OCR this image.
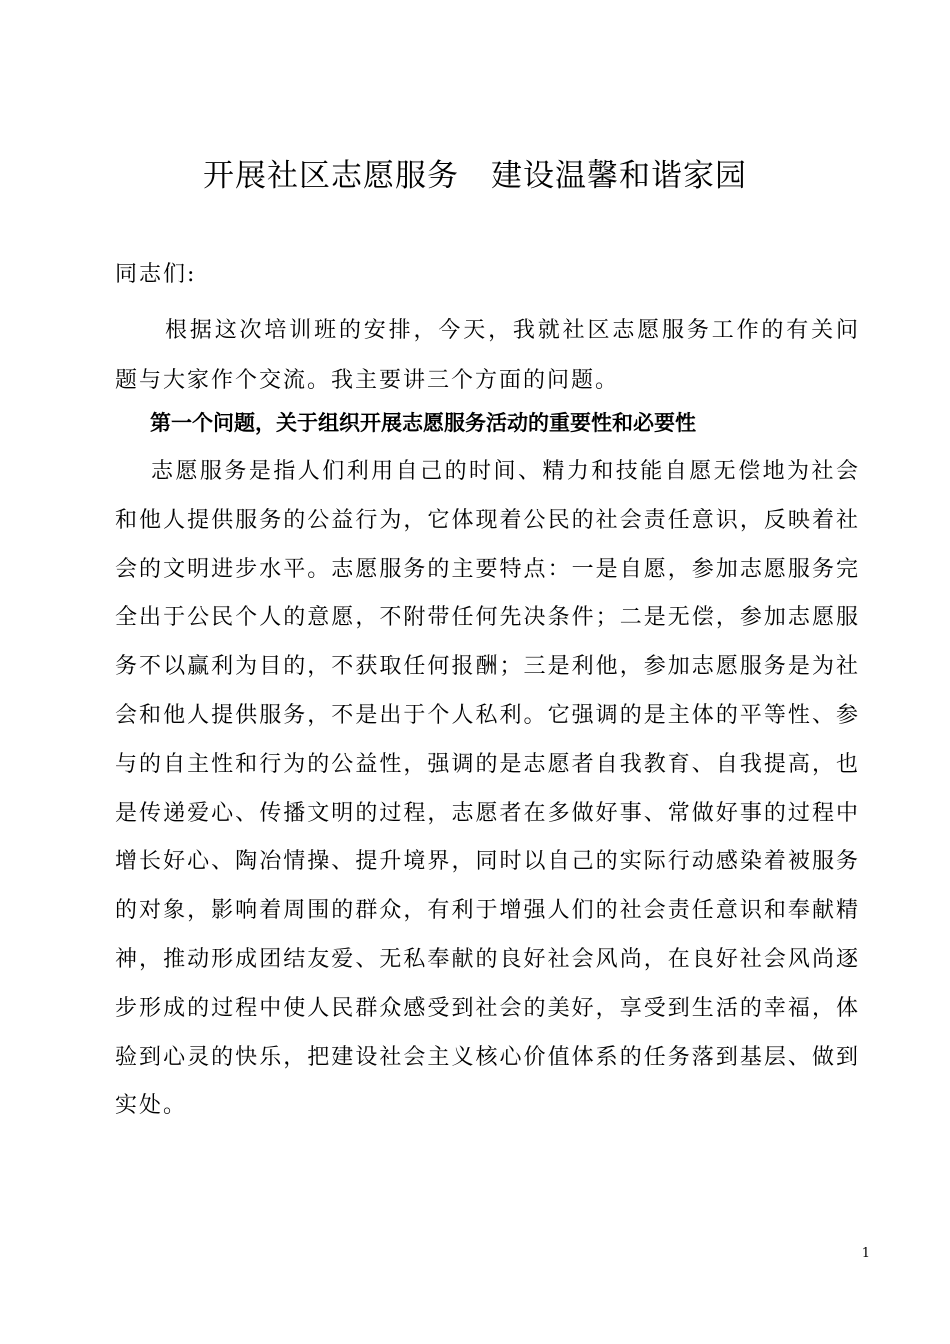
开展社区志愿服务　建设温馨和谐家园
同志们:
根据这次培训班的安排，今天，我就社区志愿服务工作的有关问题与大家作个交流。我主要讲三个方面的问题。
第一个问题，关于组织开展志愿服务活动的重要性和必要性
志愿服务是指人们利用自己的时间、精力和技能自愿无偿地为社会和他人提供服务的公益行为，它体现着公民的社会责任意识，反映着社会的文明进步水平。志愿服务的主要特点：一是自愿，参加志愿服务完全出于公民个人的意愿，不附带任何先决条件；二是无偿，参加志愿服务不以赢利为目的，不获取任何报酬；三是利他，参加志愿服务是为社会和他人提供服务，不是出于个人私利。它强调的是主体的平等性、参与的自主性和行为的公益性，强调的是志愿者自我教育、自我提高，也是传递爱心、传播文明的过程，志愿者在多做好事、常做好事的过程中增长好心、陶冶情操、提升境界，同时以自己的实际行动感染着被服务的对象，影响着周围的群众，有利于增强人们的社会责任意识和奉献精神，推动形成团结友爱、无私奉献的良好社会风尚，在良好社会风尚逐步形成的过程中使人民群众感受到社会的美好，享受到生活的幸福，体验到心灵的快乐，把建设社会主义核心价值体系的任务落到基层、做到实处。
1
